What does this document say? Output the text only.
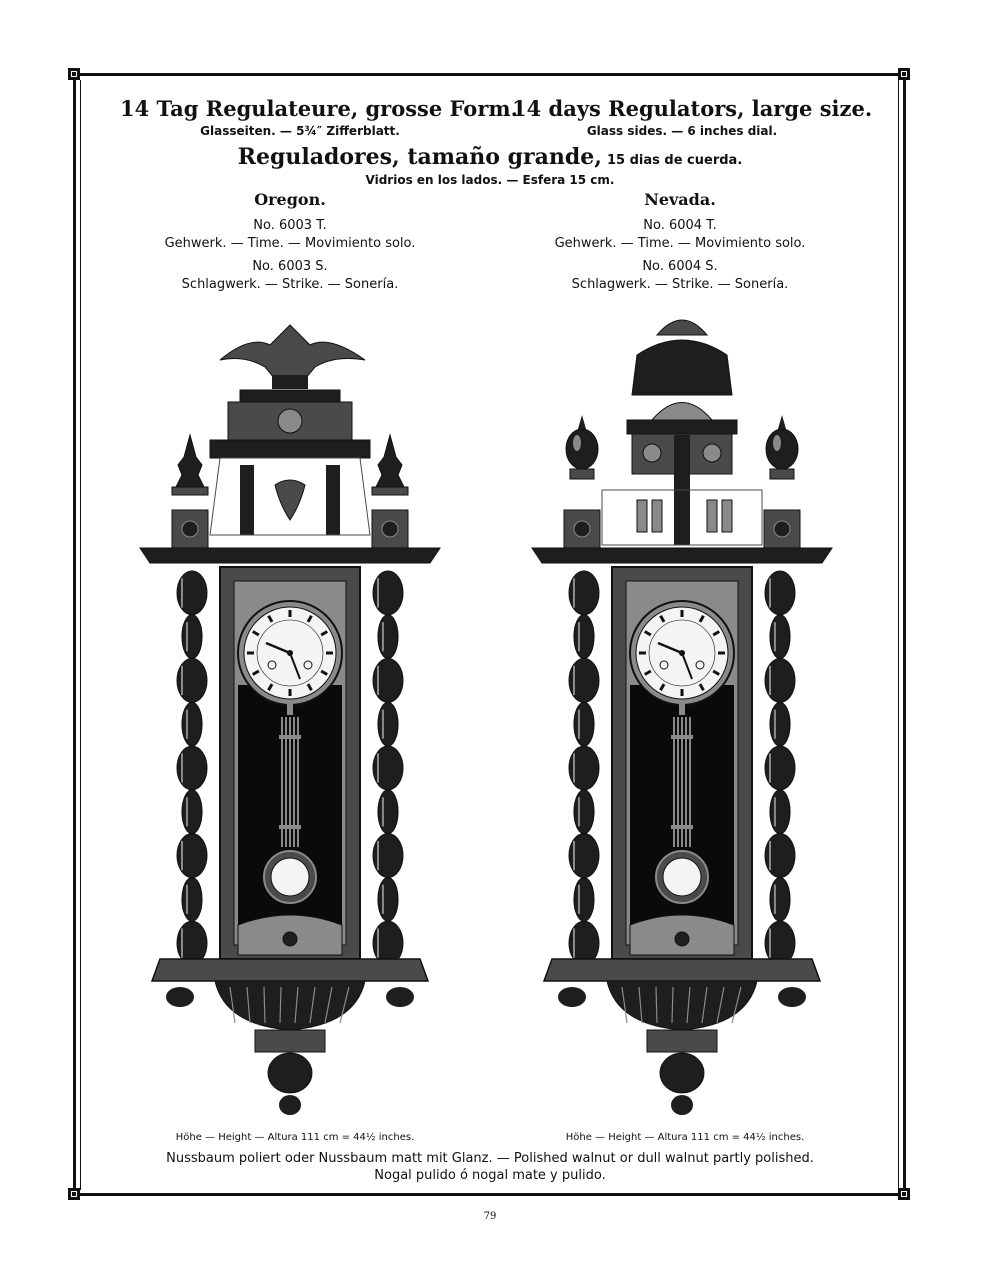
14 Tag Regulateure, grosse Form.
Glasseiten. — 5¾″ Zifferblatt.
14 days Regulators, large size.
Glass sides. — 6 inches dial.
Reguladores, tamaño grande, 15 dias de cuerda.
Vidrios en los lados. — Esfera 15 cm.
Oregon.
No. 6003 T.
Gehwerk. — Time. — Movimiento solo.
No. 6003 S.
Schlagwerk. — Strike. — Sonería.
Nevada.
No. 6004 T.
Gehwerk. — Time. — Movimiento solo.
No. 6004 S.
Schlagwerk. — Strike. — Sonería.
Höhe — Height — Altura 111 cm = 44½ inches.	Höhe — Height — Altura 111 cm = 44½ inches.
Nussbaum poliert oder Nussbaum matt mit Glanz. — Polished walnut or dull walnut partly polished.
Nogal pulido ó nogal mate y pulido.
79
